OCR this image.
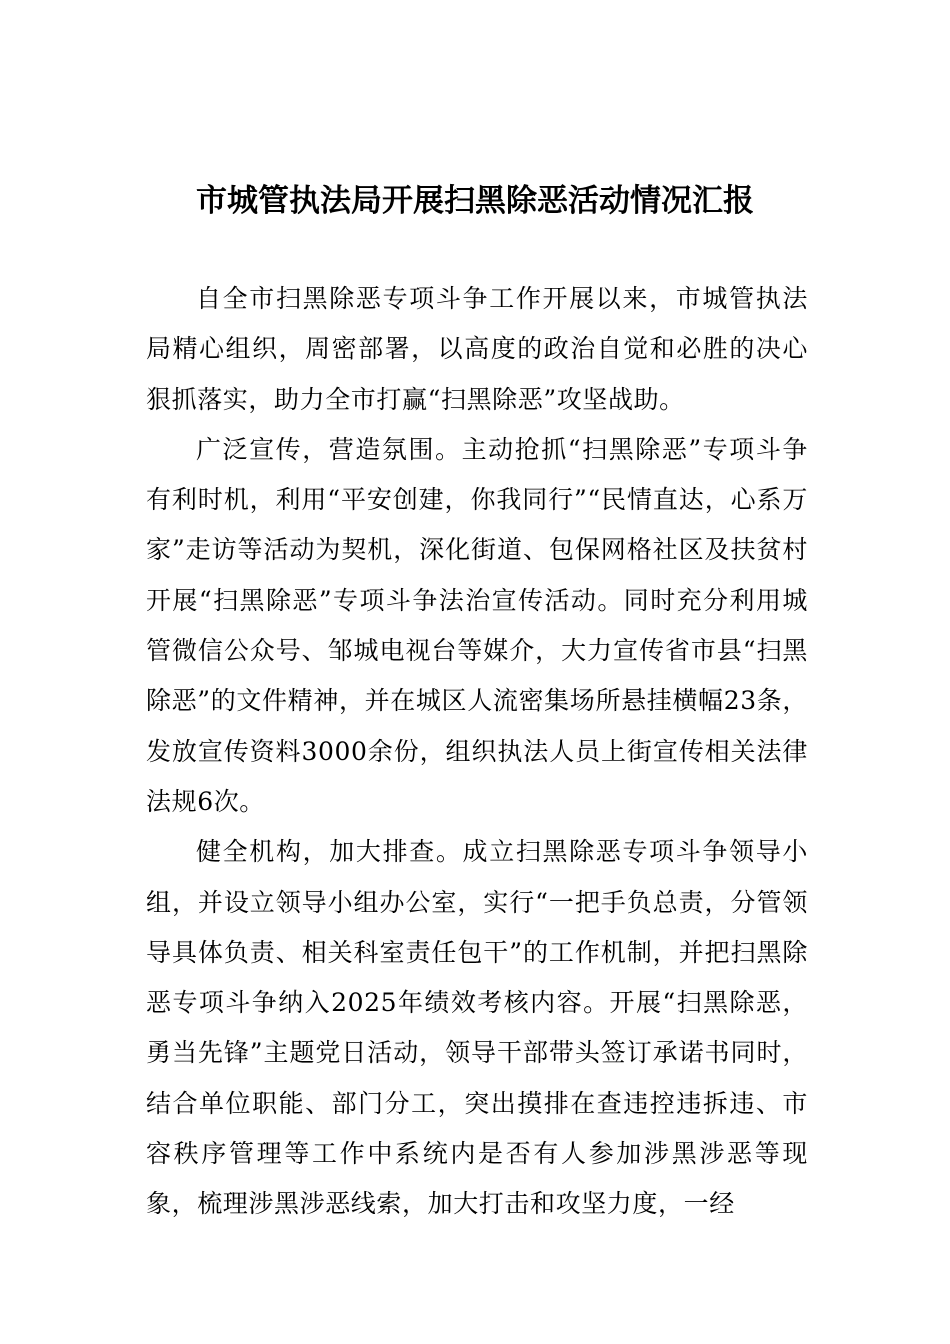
市城管执法局开展扫黑除恶活动情况汇报

自全市扫黑除恶专项斗争工作开展以来，市城管执法局精心组织，周密部署，以高度的政治自觉和必胜的决心狠抓落实，助力全市打赢“扫黑除恶”攻坚战助。

广泛宣传，营造氛围。主动抢抓“扫黑除恶”专项斗争有利时机，利用“平安创建，你我同行”“民情直达，心系万家”走访等活动为契机，深化街道、包保网格社区及扶贫村开展“扫黑除恶”专项斗争法治宣传活动。同时充分利用城管微信公众号、邹城电视台等媒介，大力宣传省市县“扫黑除恶”的文件精神，并在城区人流密集场所悬挂横幅23条，发放宣传资料3000余份，组织执法人员上街宣传相关法律法规6次。

健全机构，加大排查。成立扫黑除恶专项斗争领导小组，并设立领导小组办公室，实行“一把手负总责，分管领导具体负责、相关科室责任包干”的工作机制，并把扫黑除恶专项斗争纳入2025年绩效考核内容。开展“扫黑除恶，勇当先锋”主题党日活动，领导干部带头签订承诺书同时，结合单位职能、部门分工，突出摸排在查违控违拆违、市容秩序管理等工作中系统内是否有人参加涉黑涉恶等现象，梳理涉黑涉恶线索，加大打击和攻坚力度，一经
